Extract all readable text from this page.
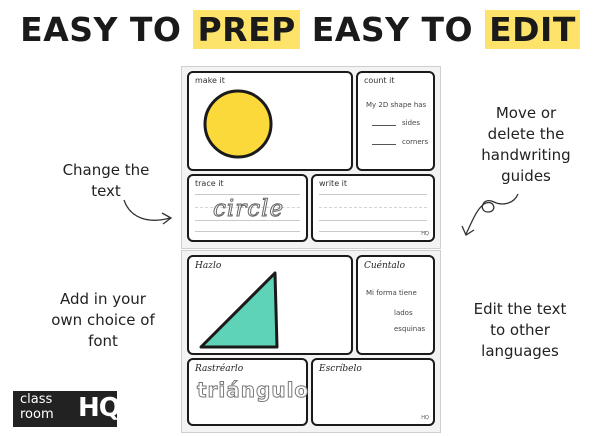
EASY TO PREP EASY TO EDIT
Change the text
Move or delete the handwriting guides
Add in your own choice of font
Edit the text to other languages
make it	count it
My 2D shape has
sides
corners
trace it
circle
write it
HQ
Hazlo	Cuéntalo
Mi forma tiene
lados
esquinas
Rastréarlo
triángulo
Escríbelo
HQ
class
room HQ
